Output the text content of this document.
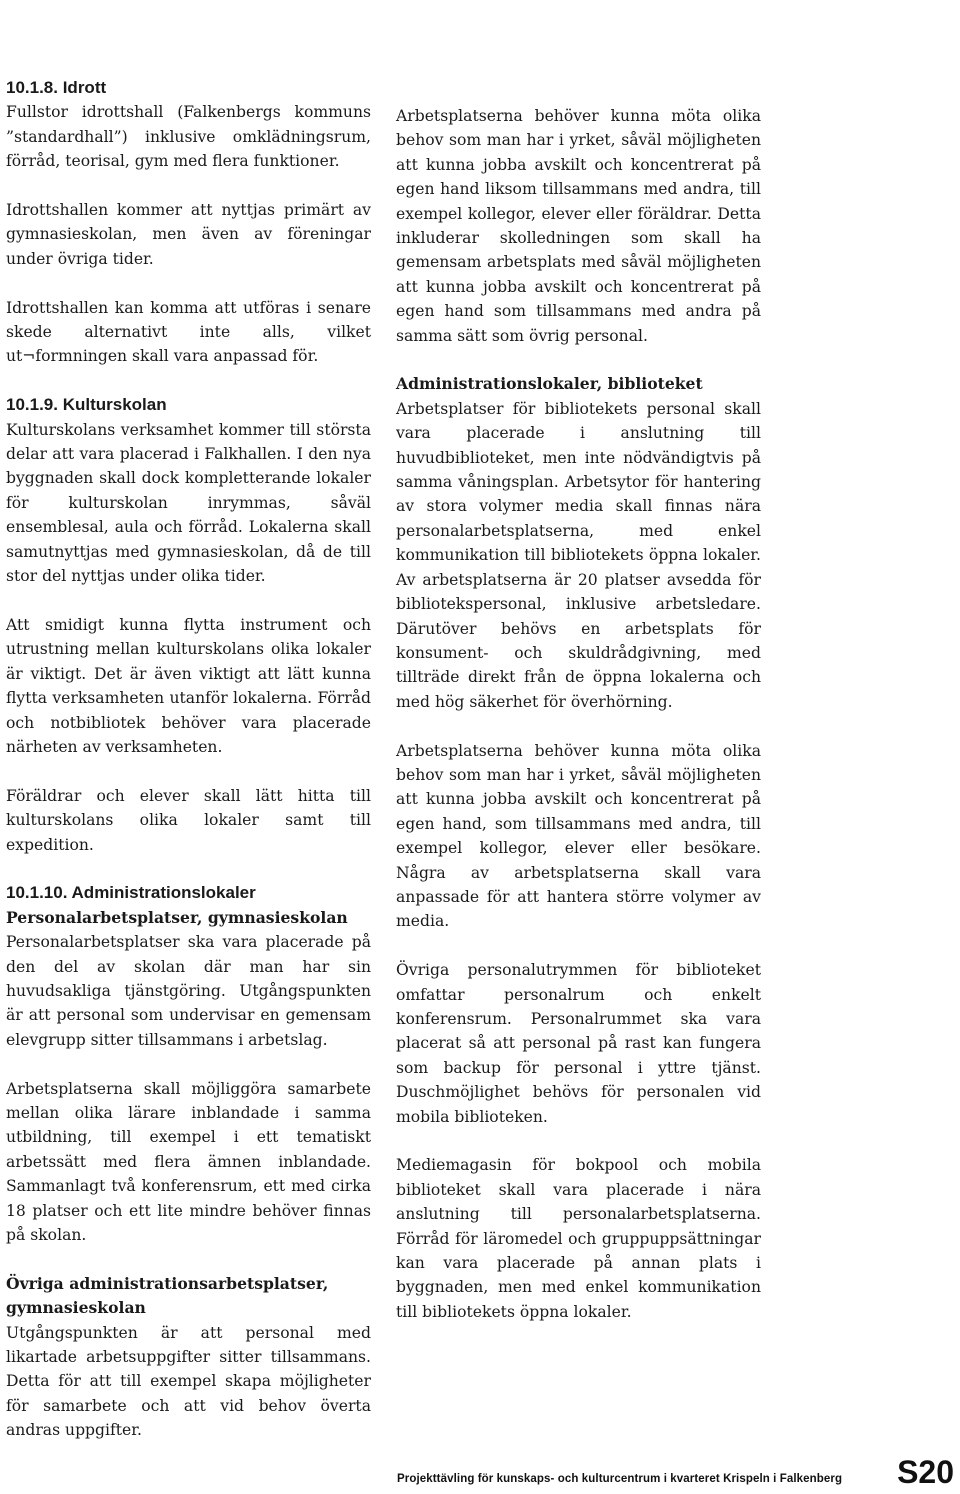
10.1.8. Idrott

Fullstor idrottshall (Falkenbergs kommuns ”standardhall”) inklusive omklädningsrum, förråd, teorisal, gym med flera funktioner.

Idrottshallen kommer att nyttjas primärt av gymnasieskolan, men även av föreningar under övriga tider.

Idrottshallen kan komma att utföras i senare skede alternativt inte alls, vilket ut¬formningen skall vara anpassad för.

10.1.9. Kulturskolan

Kulturskolans verksamhet kommer till största delar att vara placerad i Falkhallen. I den nya byggnaden skall dock kompletterande lokaler för kulturskolan inrymmas, såväl ensemblesal, aula och förråd. Lokalerna skall samutnyttjas med gymnasieskolan, då de till stor del nyttjas under olika tider.

Att smidigt kunna flytta instrument och utrustning mellan kulturskolans olika lokaler är viktigt. Det är även viktigt att lätt kunna flytta verksamheten utanför lokalerna. Förråd och notbibliotek behöver vara placerade närheten av verksamheten.

Föräldrar och elever skall lätt hitta till kulturskolans olika lokaler samt till expedition.

10.1.10. Administrationslokaler
Personalarbetsplatser, gymnasieskolan

Personalarbetsplatser ska vara placerade på den del av skolan där man har sin huvudsakliga tjänstgöring. Utgångspunkten är att personal som undervisar en gemensam elevgrupp sitter tillsammans i arbetslag.

Arbetsplatserna skall möjliggöra samarbete mellan olika lärare inblandade i samma utbildning, till exempel i ett tematiskt arbetssätt med flera ämnen inblandade. Sammanlagt två konferensrum, ett med cirka 18 platser och ett lite mindre behöver finnas på skolan.

Övriga administrationsarbetsplatser, gymnasieskolan

Utgångspunkten är att personal med likartade arbetsuppgifter sitter tillsammans. Detta för att till exempel skapa möjligheter för samarbete och att vid behov överta andras uppgifter.

Arbetsplatserna behöver kunna möta olika behov som man har i yrket, såväl möjligheten att kunna jobba avskilt och koncentrerat på egen hand liksom tillsammans med andra, till exempel kollegor, elever eller föräldrar. Detta inkluderar skolledningen som skall ha gemensam arbetsplats med såväl möjligheten att kunna jobba avskilt och koncentrerat på egen hand som tillsammans med andra på samma sätt som övrig personal.

Administrationslokaler, biblioteket

Arbetsplatser för bibliotekets personal skall vara placerade i anslutning till huvudbiblioteket, men inte nödvändigtvis på samma våningsplan. Arbetsytor för hantering av stora volymer media skall finnas nära personalarbetsplatserna, med enkel kommunikation till bibliotekets öppna lokaler. Av arbetsplatserna är 20 platser avsedda för bibliotekspersonal, inklusive arbetsledare. Därutöver behövs en arbetsplats för konsument- och skuldrådgivning, med tillträde direkt från de öppna lokalerna och med hög säkerhet för överhörning.

Arbetsplatserna behöver kunna möta olika behov som man har i yrket, såväl möjligheten att kunna jobba avskilt och koncentrerat på egen hand, som tillsammans med andra, till exempel kollegor, elever eller besökare. Några av arbetsplatserna skall vara anpassade för att hantera större volymer av media.

Övriga personalutrymmen för biblioteket omfattar personalrum och enkelt konferensrum. Personalrummet ska vara placerat så att personal på rast kan fungera som backup för personal i yttre tjänst. Duschmöjlighet behövs för personalen vid mobila biblioteken.

Mediemagasin för bokpool och mobila biblioteket skall vara placerade i nära anslutning till personalarbetsplatserna. Förråd för läromedel och gruppuppsättningar kan vara placerade på annan plats i byggnaden, men med enkel kommunikation till bibliotekets öppna lokaler.

Projekttävling för kunskaps- och kulturcentrum i kvarteret Krispeln i Falkenberg S20
